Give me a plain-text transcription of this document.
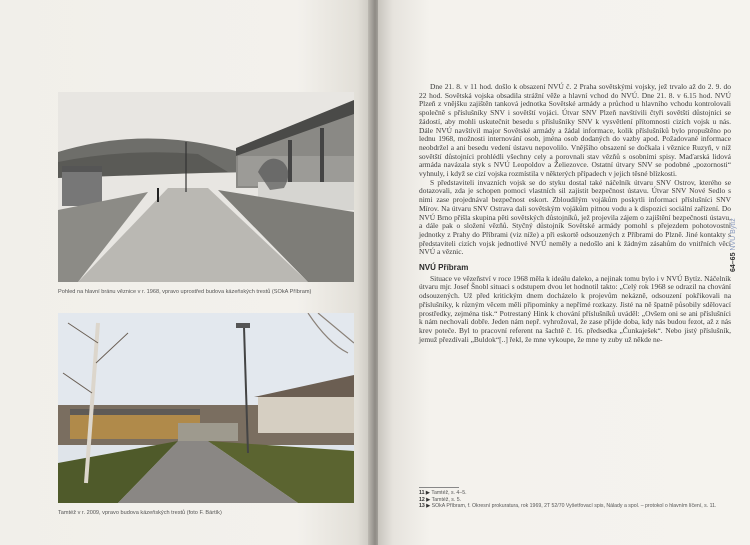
Pohled na hlavní bránu věznice v r. 1968, vpravo uprostřed budova kázeňských trestů (SOkA Příbram)
Tamtéž v r. 2009, vpravo budova kázeňských trestů (foto F. Bártík)

Dne 21. 8. v 11 hod. došlo k obsazení NVÚ č. 2 Praha sovětskými vojsky, jež trvalo až do 2. 9. do 22 hod. Sovětská vojska obsadila strážní věže a hlavní vchod do NVÚ. Dne 21. 8. v 6.15 hod. NVÚ Plzeň z vnějšku zajištěn tanková jednotka Sovětské armády a průchod u hlavního vchodu kontrolovali společně s příslušníky SNV i sovětští vojáci. Útvar SNV Plzeň navštívili čtyři sovětští důstojníci se žádostí, aby mohli uskutečnit besedu s příslušníky SNV k vysvětlení přítomnosti cizích vojsk u nás. Dále NVÚ navštívil major Sovětské armády a žádal informace, kolik příslušníků bylo propuštěno po lednu 1968, možnosti internování osob, jména osob dodaných do vazby apod. Požadované informace neobdržel a ani besedu vedení ústavu nepovolilo. Vnějšího obsazení se dočkala i věznice Ruzyň, v níž sovětští důstojníci prohlédli všechny cely a porovnali stav vězňů s osobními spisy. Maďarská lidová armáda navázala styk s NVÚ Leopoldov a Želiezovce. Ostatní útvary SNV se podobné „pozornosti“ vyhnuly, i když se cizí vojska rozmístila v některých případech v jejich těsné blízkosti.

S představiteli invazních vojsk se do styku dostal také náčelník útvaru SNV Ostrov, kterého se dotazovali, zda je schopen pomoci vlastních sil zajistit bezpečnost ústavu. Útvar SNV Nové Sedlo s nimi zase projednával bezpečnost eskort. Zbloudilým vojákům poskytli informaci příslušníci SNV Mírov. Na útvaru SNV Ostrava dali sovětským vojákům pitnou vodu a k dispozici sociální zařízení. Do NVÚ Brno přišla skupina pěti sovětských důstojníků, jež projevila zájem o zajištění bezpečnosti ústavu, a dále pak o složení vězňů. Styčný důstojník Sovětské armády pomohl s přejezdem pohotovostní jednotky z Prahy do Příbrami (viz níže) a při eskortě odsouzených z Příbrami do Plzně. Jiné kontakty s představiteli cizích vojsk jednotlivé NVÚ neměly a nedošlo ani k žádným zásahům do vnitřních věcí NVÚ a věznic.

NVÚ Příbram

Situace ve vězeňství v roce 1968 měla k ideálu daleko, a nejinak tomu bylo i v NVÚ Bytíz. Náčelník útvaru mjr. Josef Šnobl situaci s odstupem dvou let hodnotil takto: „Celý rok 1968 se odrazil na chování odsouzených. Už před kritickým dnem docházelo k projevům nekázně, odsouzení pokřikovali na příslušníky, k různým věcem měli připomínky a nepřímé rozkazy. Jisté na ně špatně působily sdělovací prostředky, zejména tisk.“ Potrestaný Hink k chování příslušníků uváděl: „Ovšem oni se ani příslušníci k nám nechovali dobře. Jeden nám nepř. vyhrožoval, že zase přijde doba, kdy nás budou fezot, až z nás krev poteče. Byl to pracovní referent na šachtě č. 16. předsedka „Čunkaješek“. Nebo jistý příslušník, jemuž přezdívali „Buldok“[..] řekl, že mne vykoupe, že mne ty zuby už někde ne-

11 ▶ Tamtéž, s. 4–5.
12 ▶ Tamtéž, s. 5.
13 ▶ SOkA Příbram, f. Okresní prokuratura, rok 1969, 2T 52/70 Vyšetřovací spis, Nálady a spol. – protokol o hlavním líčení, s. 11.
64–65 NVÚ Bytíz
